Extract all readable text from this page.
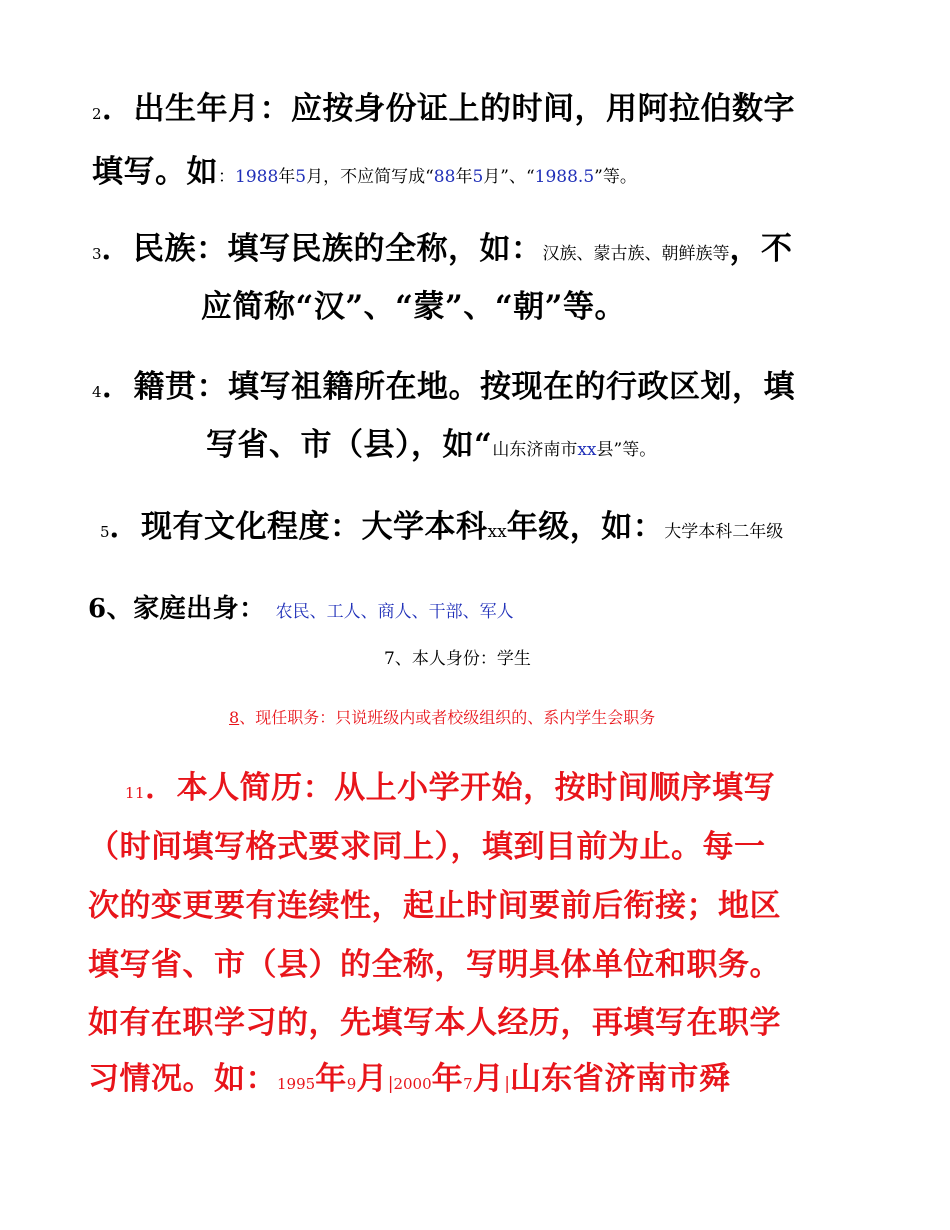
2．出生年月：应按身份证上的时间，用阿拉伯数字
填写。如：1988年5月，不应简写成“88年5月”、“1988.5”等。
3．民族：填写民族的全称，如：汉族、蒙古族、朝鲜族等，不
应简称“汉”、“蒙”、“朝”等。
4．籍贯：填写祖籍所在地。按现在的行政区划，填
写省、市（县），如“山东济南市xx县”等。
5．现有文化程度：大学本科xx年级，如：大学本科二年级
6、家庭出身： 农民、工人、商人、干部、军人
7、本人身份：学生
8、现任职务：只说班级内或者校级组织的、系内学生会职务
11．本人简历：从上小学开始，按时间顺序填写
（时间填写格式要求同上），填到目前为止。每一
次的变更要有连续性，起止时间要前后衔接；地区
填写省、市（县）的全称，写明具体单位和职务。
如有在职学习的，先填写本人经历，再填写在职学
习情况。如：1995年9月|2000年7月|山东省济南市舜
